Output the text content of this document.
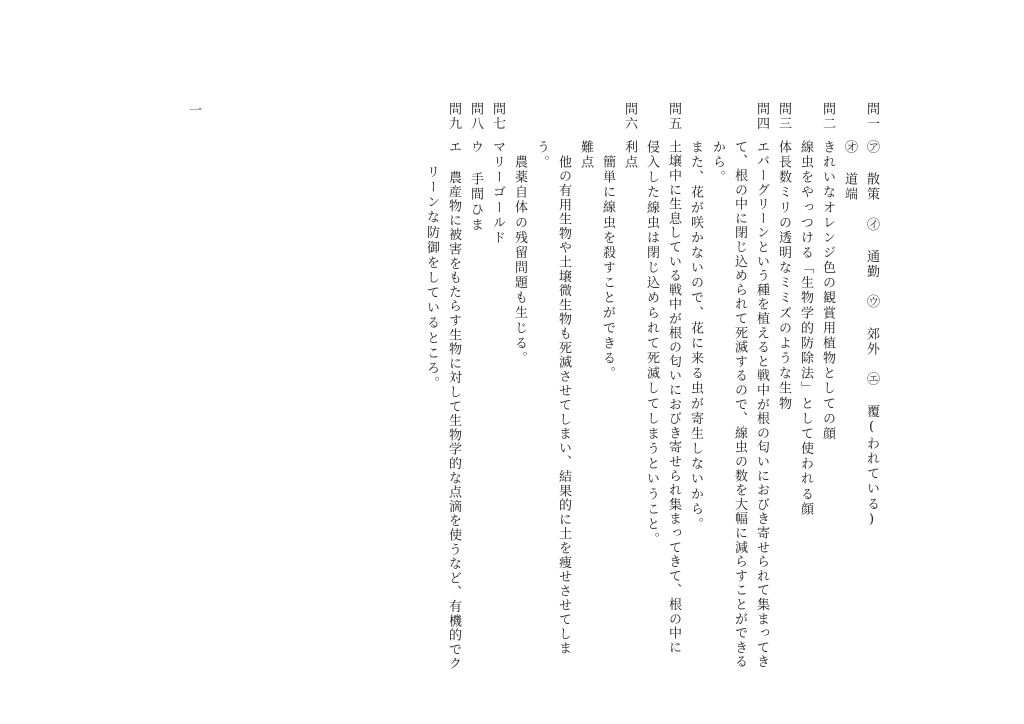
一	問一
㋐ 散策　㋑ 通勤　㋒ 郊外　㋓ 覆(われている)
㋔ 道端
問二
きれいなオレンジ色の観賞用植物としての顔
線虫をやっつける「生物学的防除法」として使われる顔
問三
体長数ミリの透明なミミズのような生物
問四
エバーグリーンという種を植えると戦中が根の匂いにおびき寄せられて集まってき
て、根の中に閉じ込められて死滅するので、線虫の数を大幅に減らすことができる
から。
また、花が咲かないので、花に来る虫が寄生しないから。
問五
土壌中に生息している戦中が根の匂いにおびき寄せられ集まってきて、根の中に
侵入した線虫は閉じ込められて死滅してしまうということ。
問六
利点
簡単に線虫を殺すことができる。
難点
他の有用生物や土壌微生物も死滅させてしまい、結果的に土を痩せさせてしま
う。
農薬自体の残留問題も生じる。
問七
マリーゴールド
問八
ウ 手間ひま
問九
エ 農産物に被害をもたらす生物に対して生物学的な点滴を使うなど、有機的でク
リーンな防御をしているところ。
